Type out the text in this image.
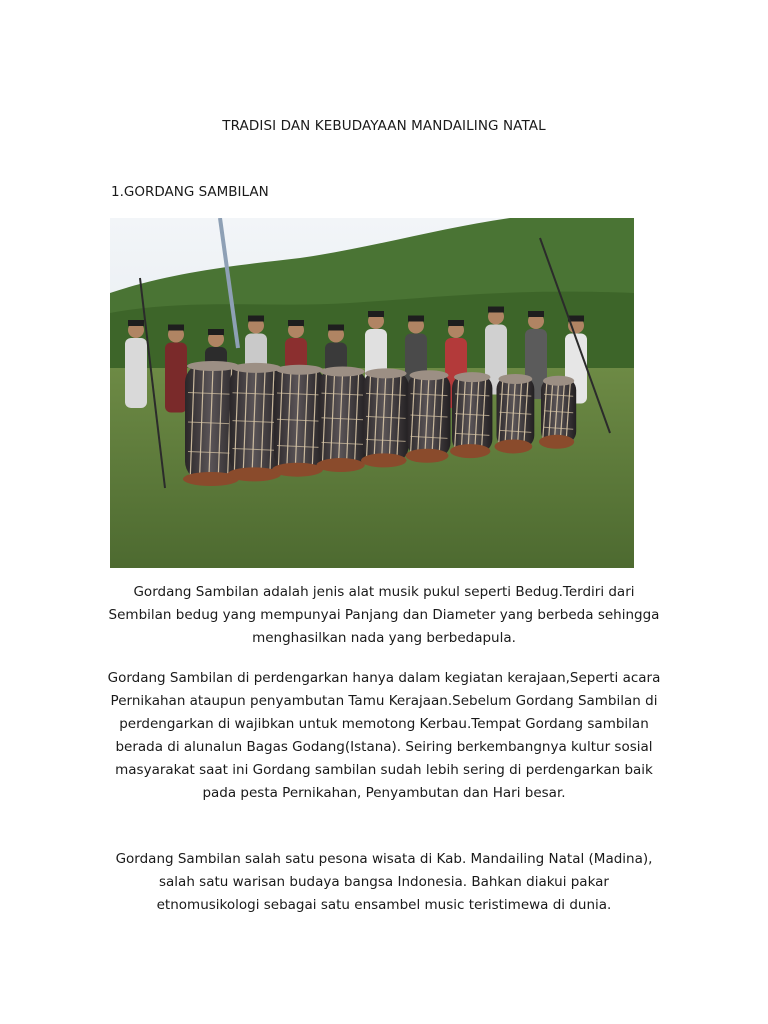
TRADISI DAN KEBUDAYAAN MANDAILING NATAL
1.GORDANG SAMBILAN

Gordang Sambilan adalah jenis alat musik pukul seperti Bedug.Terdiri dari Sembilan bedug yang mempunyai Panjang dan Diameter yang berbeda sehingga menghasilkan nada yang berbedapula.

Gordang Sambilan di perdengarkan hanya dalam kegiatan kerajaan,Seperti acara Pernikahan ataupun penyambutan Tamu Kerajaan.Sebelum Gordang Sambilan di perdengarkan di wajibkan untuk memotong Kerbau.Tempat Gordang sambilan berada di alunalun Bagas Godang(Istana). Seiring berkembangnya kultur sosial masyarakat saat ini Gordang sambilan sudah lebih sering di perdengarkan baik pada pesta Pernikahan, Penyambutan dan Hari besar.

Gordang Sambilan salah satu pesona wisata di Kab. Mandailing Natal (Madina), salah satu warisan budaya bangsa Indonesia. Bahkan diakui pakar etnomusikologi sebagai satu ensambel music teristimewa di dunia.
